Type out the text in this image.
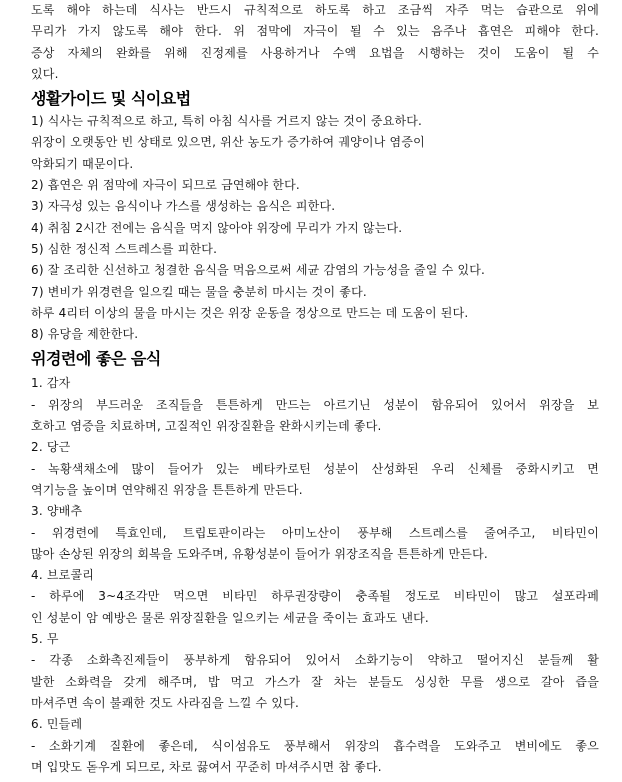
도록 해야 하는데 식사는 반드시 규칙적으로 하도록 하고 조금씩 자주 먹는 습관으로 위에

무리가 가지 않도록 해야 한다. 위 점막에 자극이 될 수 있는 음주나 흡연은 피해야 한다.

증상 자체의 완화를 위해 진정제를 사용하거나 수액 요법을 시행하는 것이 도움이 될 수

있다.

생활가이드 및 식이요법

1) 식사는 규칙적으로 하고, 특히 아침 식사를 거르지 않는 것이 중요하다.

위장이 오랫동안 빈 상태로 있으면, 위산 농도가 증가하여 궤양이나 염증이

악화되기 때문이다.

2) 흡연은 위 점막에 자극이 되므로 금연해야 한다.

3) 자극성 있는 음식이나 가스를 생성하는 음식은 피한다.

4) 취침 2시간 전에는 음식을 먹지 않아야 위장에 무리가 가지 않는다.

5) 심한 정신적 스트레스를 피한다.

6) 잘 조리한 신선하고 청결한 음식을 먹음으로써 세균 감염의 가능성을 줄일 수 있다.

7) 변비가 위경련을 일으킬 때는 물을 충분히 마시는 것이 좋다.

하루 4리터 이상의 물을 마시는 것은 위장 운동을 정상으로 만드는 데 도움이 된다.

8) 유당을 제한한다.

위경련에 좋은 음식

1. 감자

- 위장의 부드러운 조직들을 튼튼하게 만드는 아르기닌 성분이 함유되어 있어서 위장을 보

호하고 염증을 치료하며, 고질적인 위장질환을 완화시키는데 좋다.

2. 당근

- 녹황색채소에 많이 들어가 있는 베타카로틴 성분이 산성화된 우리 신체를 중화시키고 면

역기능을 높이며 연약해진 위장을 튼튼하게 만든다.

3. 양배추

- 위경련에 특효인데, 트립토판이라는 아미노산이 풍부해 스트레스를 줄여주고, 비타민이

많아 손상된 위장의 회복을 도와주며, 유황성분이 들어가 위장조직을 튼튼하게 만든다.

4. 브로콜리

- 하루에 3~4조각만 먹으면 비타민 하루권장량이 충족될 정도로 비타민이 많고 설포라페

인 성분이 암 예방은 물론 위장질환을 일으키는 세균을 죽이는 효과도 낸다.

5. 무

- 각종 소화촉진제들이 풍부하게 함유되어 있어서 소화기능이 약하고 떨어지신 분들께 활

발한 소화력을 갖게 해주며, 밥 먹고 가스가 잘 차는 분들도 싱싱한 무를 생으로 갈아 즙을

마셔주면 속이 불쾌한 것도 사라짐을 느낄 수 있다.

6. 민들레

- 소화기계 질환에 좋은데, 식이섬유도 풍부해서 위장의 흡수력을 도와주고 변비에도 좋으

며 입맛도 돋우게 되므로, 차로 끓여서 꾸준히 마셔주시면 참 좋다.
